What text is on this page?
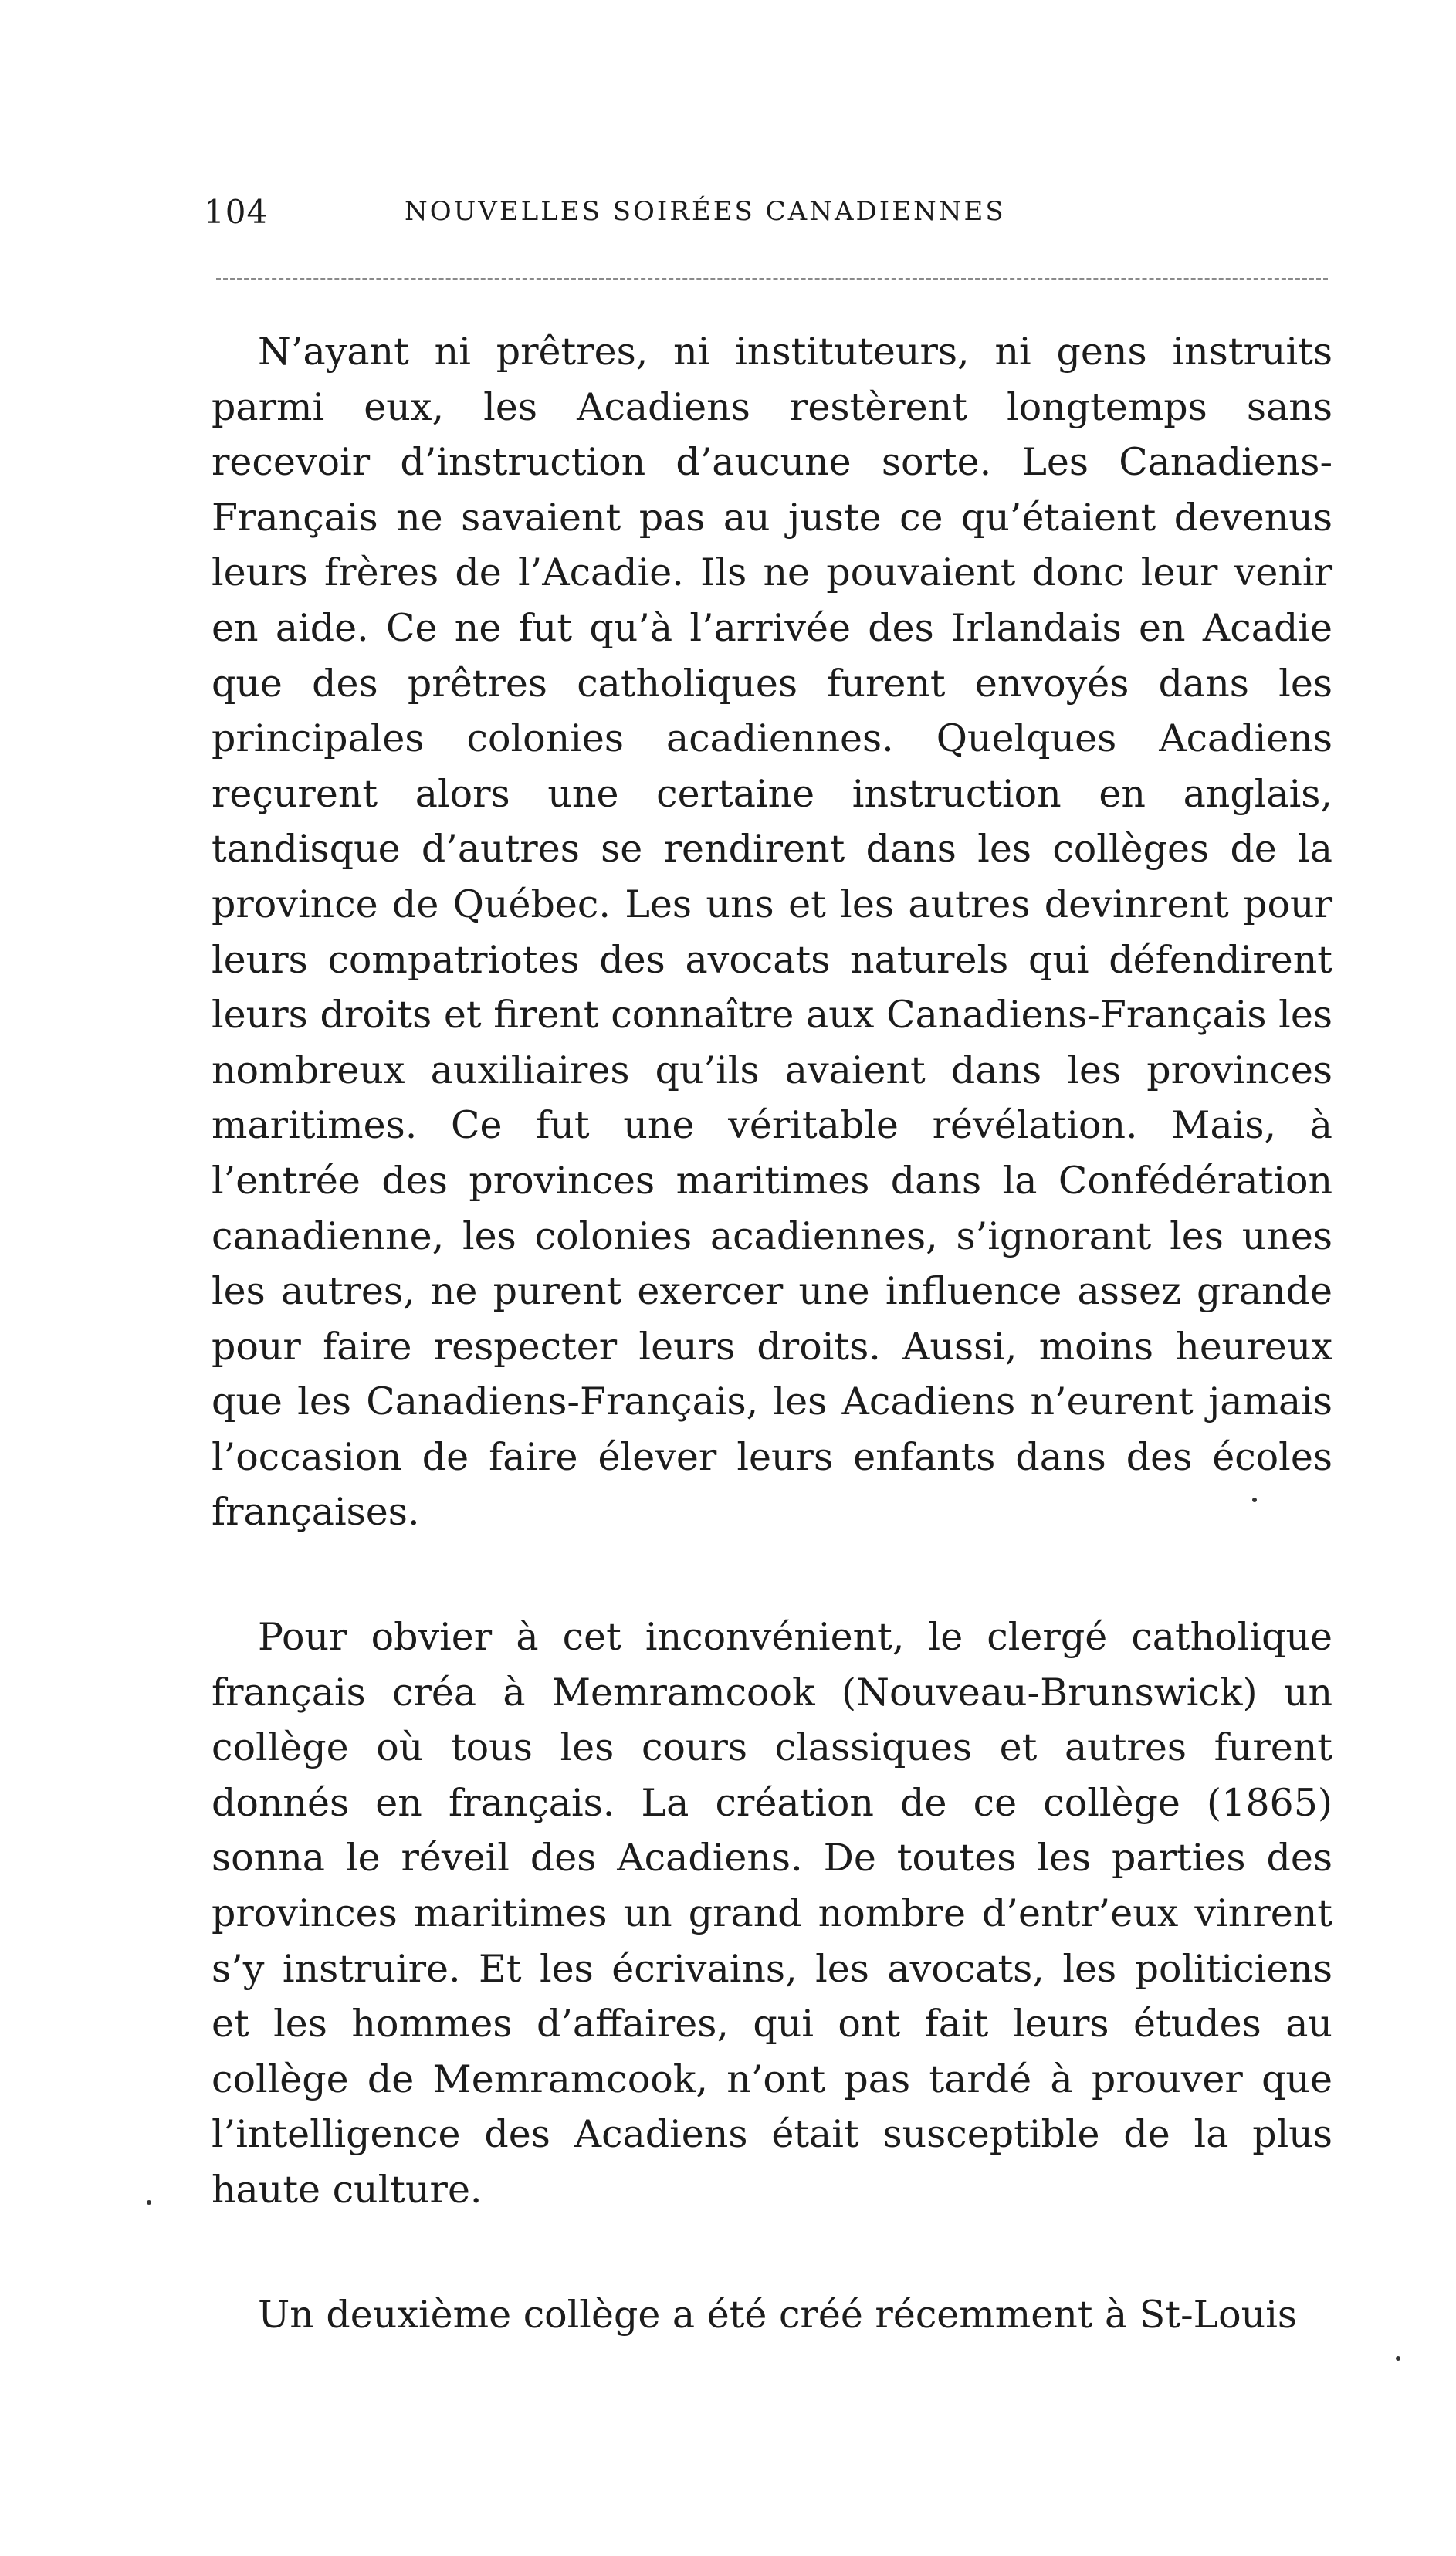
104	NOUVELLES SOIRÉES CANADIENNES

N’ayant ni prêtres, ni instituteurs, ni gens instruits parmi eux, les Acadiens restèrent longtemps sans recevoir d’instruction d’aucune sorte. Les Canadiens-Français ne savaient pas au juste ce qu’étaient devenus leurs frères de l’Acadie. Ils ne pouvaient donc leur venir en aide. Ce ne fut qu’à l’arrivée des Irlandais en Acadie que des prêtres catholiques furent envoyés dans les principales colonies acadiennes. Quelques Acadiens reçurent alors une certaine instruction en anglais, tandisque d’autres se rendirent dans les collèges de la province de Québec. Les uns et les autres devinrent pour leurs compatriotes des avocats naturels qui défendirent leurs droits et firent connaître aux Canadiens-Français les nombreux auxiliaires qu’ils avaient dans les provinces maritimes. Ce fut une véritable révélation. Mais, à l’entrée des provinces maritimes dans la Confédération canadienne, les colonies acadiennes, s’ignorant les unes les autres, ne purent exercer une influence assez grande pour faire respecter leurs droits. Aussi, moins heureux que les Canadiens-Français, les Acadiens n’eurent jamais l’occasion de faire élever leurs enfants dans des écoles françaises.

Pour obvier à cet inconvénient, le clergé catholique français créa à Memramcook (Nouveau-Brunswick) un collège où tous les cours classiques et autres furent donnés en français. La création de ce collège (1865) sonna le réveil des Acadiens. De toutes les parties des provinces maritimes un grand nombre d’entr’eux vinrent s’y instruire. Et les écrivains, les avocats, les politiciens et les hommes d’affaires, qui ont fait leurs études au collège de Memramcook, n’ont pas tardé à prouver que l’intelligence des Acadiens était susceptible de la plus haute culture.

Un deuxième collège a été créé récemment à St-Louis
